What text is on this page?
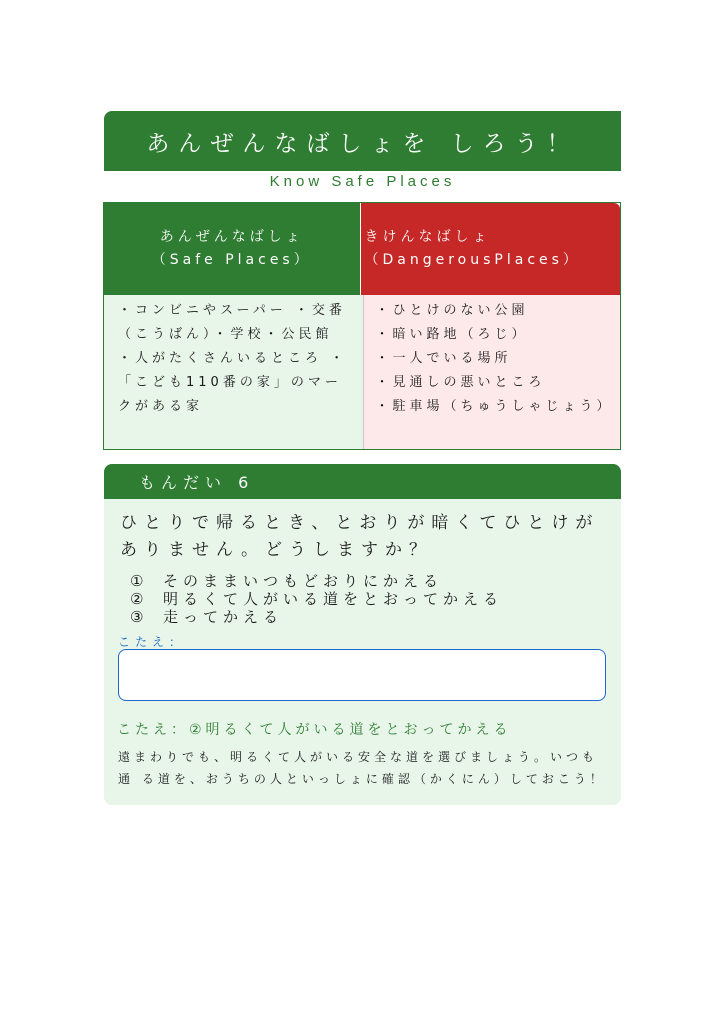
あんぜんなばしょを しろう！
Know Safe Places
あんぜんなばしょ
（Safe Places）
きけんなばしょ
（DangerousPlaces）
・コンビニやスーパー ・交番（こうばん）・学校・公民館 ・人がたくさんいるところ ・「こども110番の家」のマークがある家
・ひとけのない公園
・暗い路地（ろじ）
・一人でいる場所
・見通しの悪いところ
・駐車場（ちゅうしゃじょう）
もんだい 6
ひとりで帰るとき、とおりが暗くてひとけがありません。どうしますか？
① そのままいつもどおりにかえる
② 明るくて人がいる道をとおってかえる
③ 走ってかえる
こたえ：
こたえ：②明るくて人がいる道をとおってかえる
遠まわりでも、明るくて人がいる安全な道を選びましょう。いつも通 る道を、おうちの人といっしょに確認（かくにん）しておこう！
